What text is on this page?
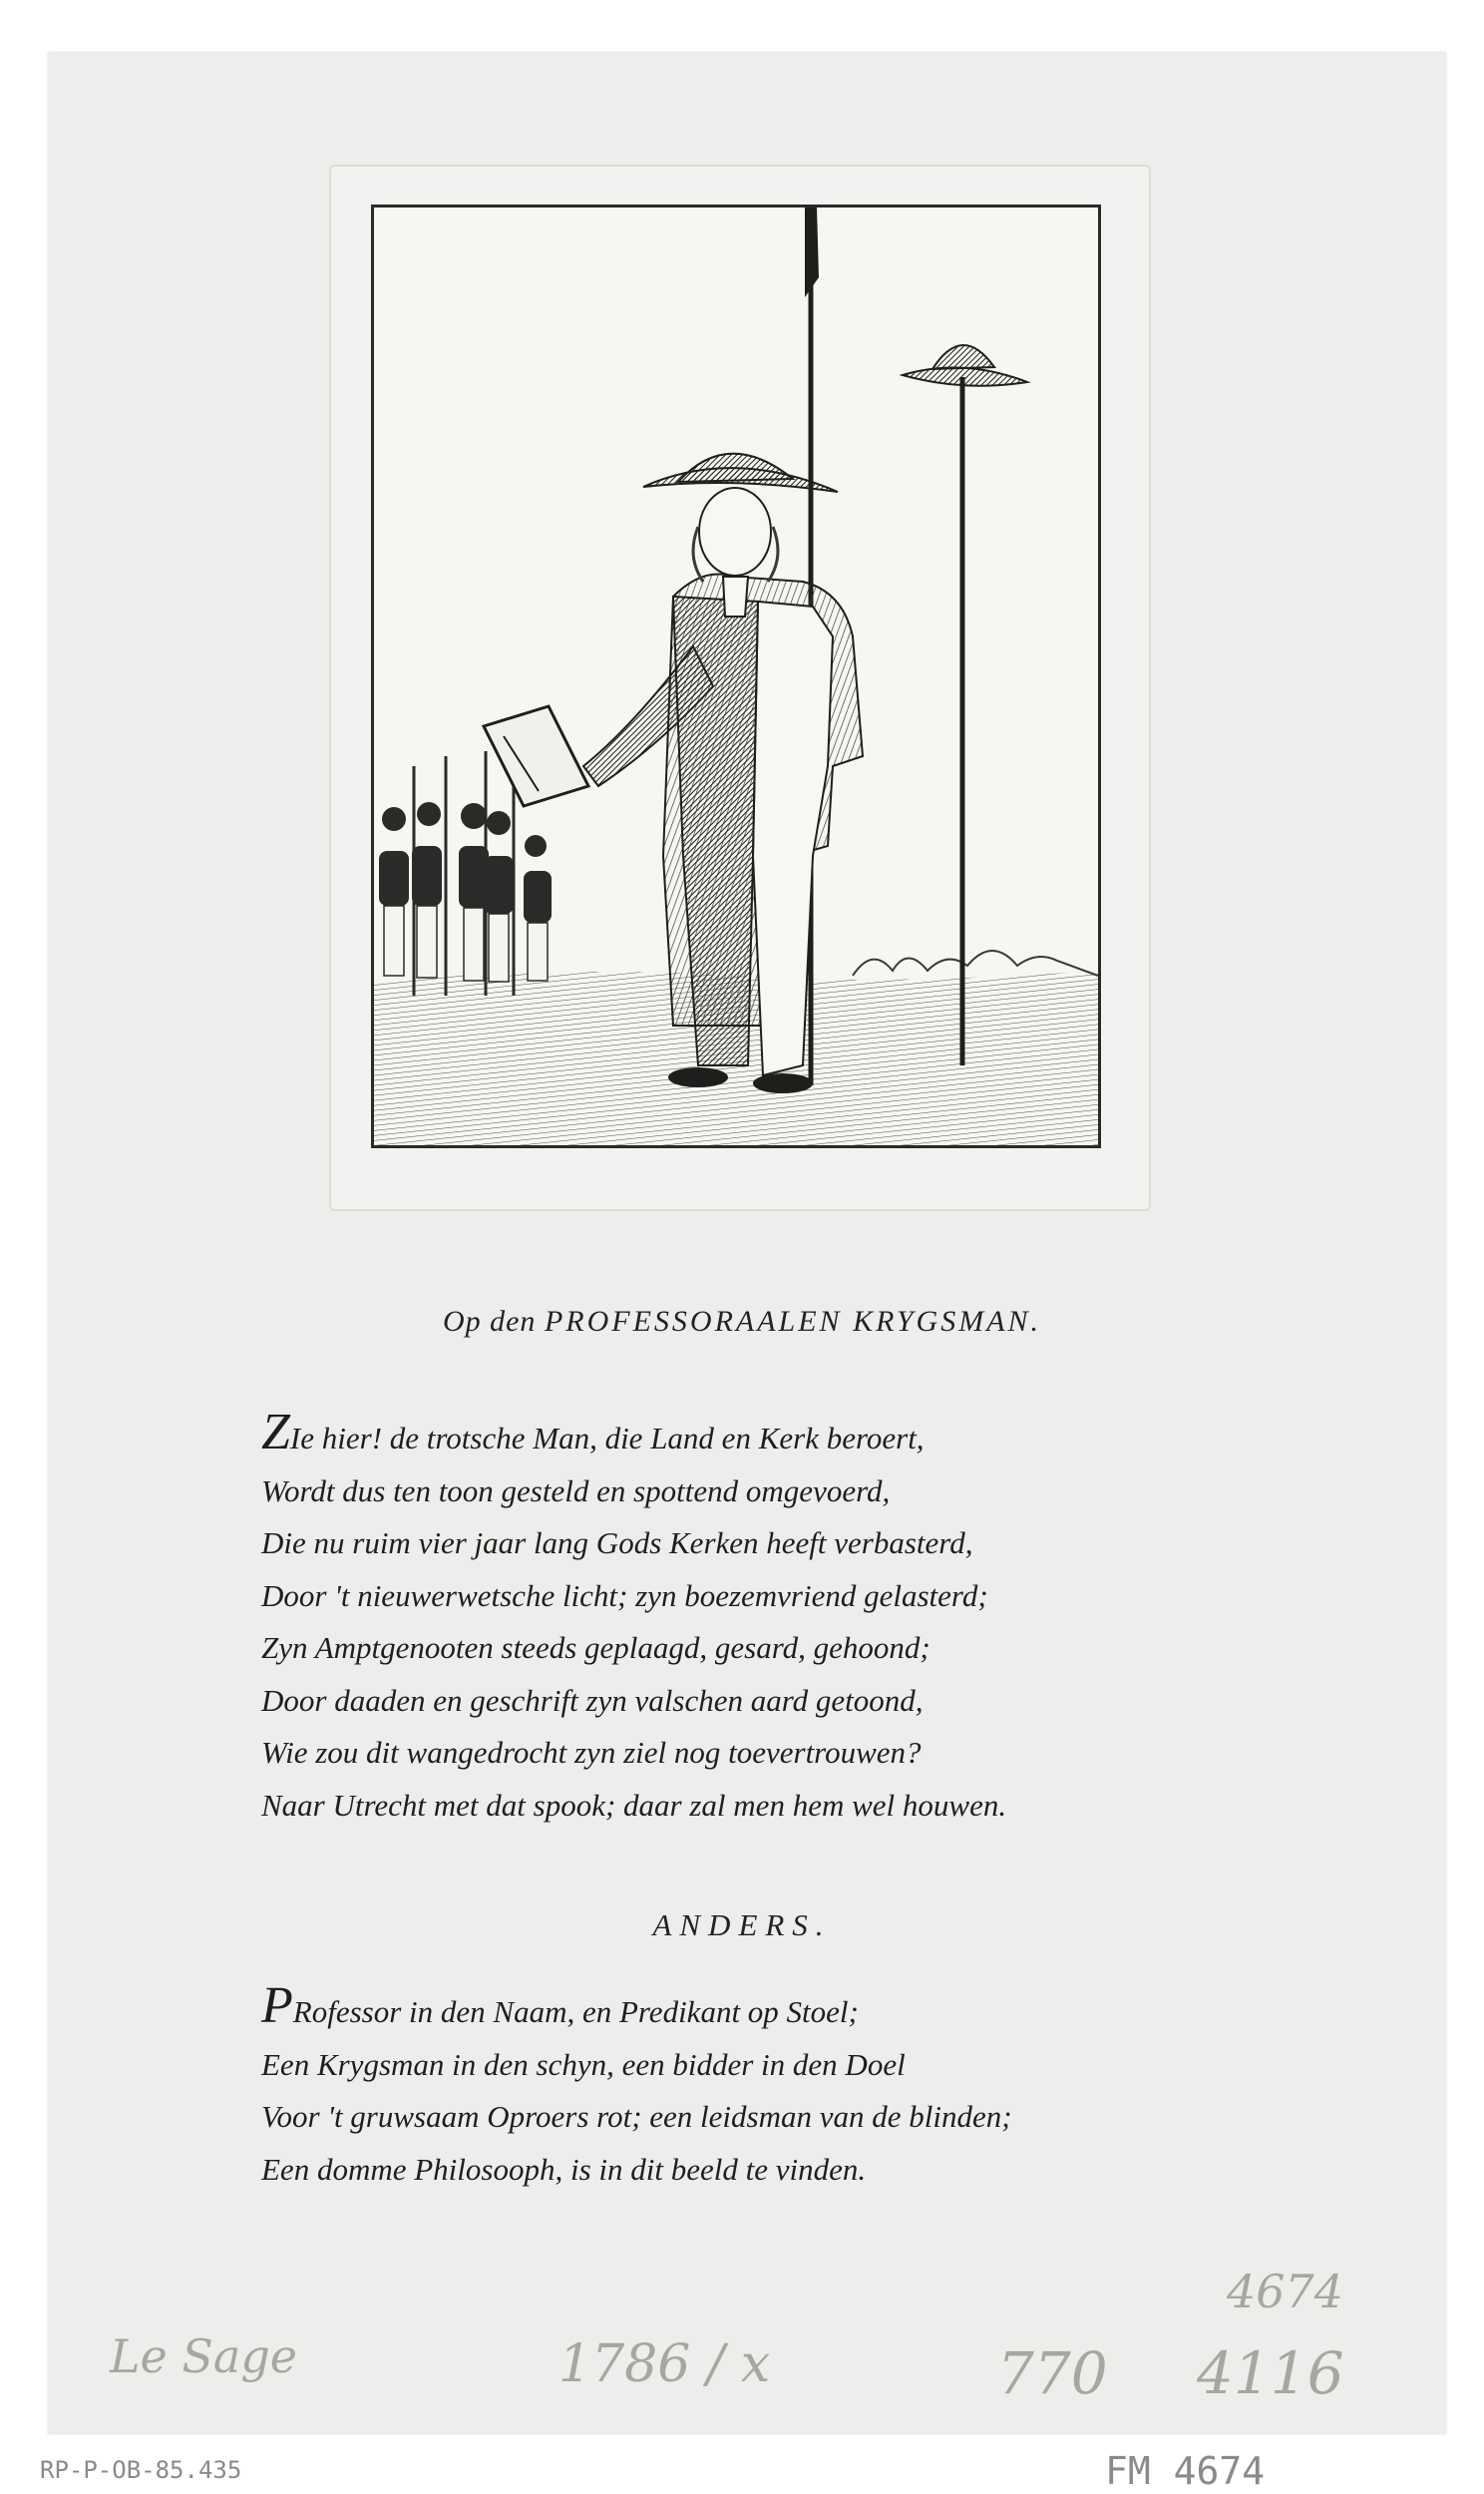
Op den PROFESSORAALEN KRYGSMAN.
ZIe hier! de trotsche Man, die Land en Kerk beroert,
Wordt dus ten toon gesteld en spottend omgevoerd,
Die nu ruim vier jaar lang Gods Kerken heeft verbasterd,
Door 't nieuwerwetsche licht; zyn boezemvriend gelasterd;
Zyn Amptgenooten steeds geplaagd, gesard, gehoond;
Door daaden en geschrift zyn valschen aard getoond,
Wie zou dit wangedrocht zyn ziel nog toevertrouwen?
Naar Utrecht met dat spook; daar zal men hem wel houwen.
ANDERS.
PRofessor in den Naam, en Predikant op Stoel;
Een Krygsman in den schyn, een bidder in den Doel
Voor 't gruwsaam Oproers rot; een leidsman van de blinden;
Een domme Philosooph, is in dit beeld te vinden.
Le Sage	1786 / x	770
4674
4116
RP-P-OB-85.435	FM 4674
